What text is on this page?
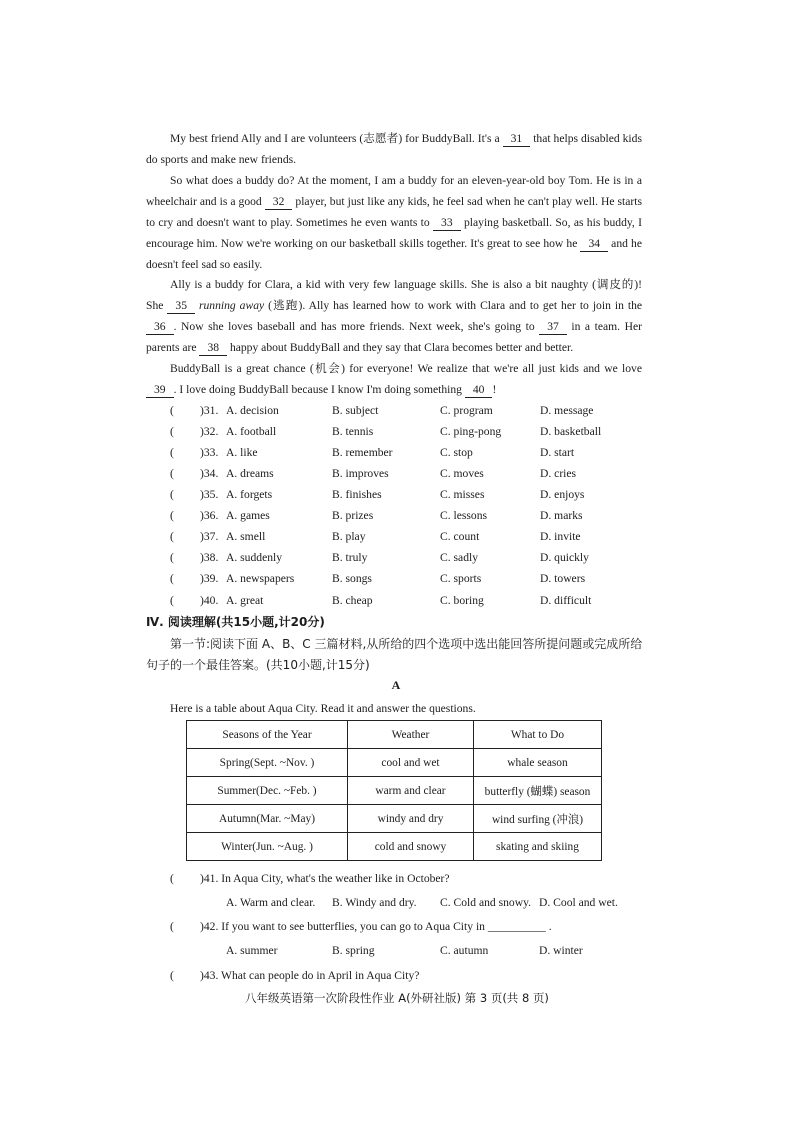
My best friend Ally and I are volunteers (志愿者) for BuddyBall. It's a 31 that helps disabled kids do sports and make new friends.

So what does a buddy do? At the moment, I am a buddy for an eleven-year-old boy Tom. He is in a wheelchair and is a good 32 player, but just like any kids, he feel sad when he can't play well. He starts to cry and doesn't want to play. Sometimes he even wants to 33 playing basketball. So, as his buddy, I encourage him. Now we're working on our basketball skills together. It's great to see how he 34 and he doesn't feel sad so easily.

Ally is a buddy for Clara, a kid with very few language skills. She is also a bit naughty (调皮的)! She 35 running away (逃跑). Ally has learned how to work with Clara and to get her to join in the 36 . Now she loves baseball and has more friends. Next week, she's going to 37 in a team. Her parents are 38 happy about BuddyBall and they say that Clara becomes better and better.

BuddyBall is a great chance (机会) for everyone! We realize that we're all just kids and we love 39 . I love doing BuddyBall because I know I'm doing something 40 !

( )31. A. decision	B. subject	C. program	D. message
( )32. A. football	B. tennis	C. ping-pong	D. basketball
( )33. A. like	B. remember	C. stop	D. start
( )34. A. dreams	B. improves	C. moves	D. cries
( )35. A. forgets	B. finishes	C. misses	D. enjoys
( )36. A. games	B. prizes	C. lessons	D. marks
( )37. A. smell	B. play	C. count	D. invite
( )38. A. suddenly	B. truly	C. sadly	D. quickly
( )39. A. newspapers	B. songs	C. sports	D. towers
( )40. A. great	B. cheap	C. boring	D. difficult

Ⅳ. 阅读理解(共15小题,计20分)

第一节:阅读下面 A、B、C 三篇材料,从所给的四个选项中选出能回答所提问题或完成所给句子的一个最佳答案。(共10小题,计15分)

A

Here is a table about Aqua City. Read it and answer the questions.

Seasons of the Year	Weather	What to Do
Spring(Sept. ~Nov. )	cool and wet	whale season
Summer(Dec. ~Feb. )	warm and clear	butterfly (蝴蝶) season
Autumn(Mar. ~May)	windy and dry	wind surfing (冲浪)
Winter(Jun. ~Aug. )	cold and snowy	skating and skiing
( )41. In Aqua City, what's the weather like in October?
A. Warm and clear. B. Windy and dry. C. Cold and snowy. D. Cool and wet.
( )42. If you want to see butterflies, you can go to Aqua City in __________ .
A. summer	B. spring	C. autumn	D. winter
( )43. What can people do in April in Aqua City?
八年级英语第一次阶段性作业 A(外研社版) 第 3 页(共 8 页)
